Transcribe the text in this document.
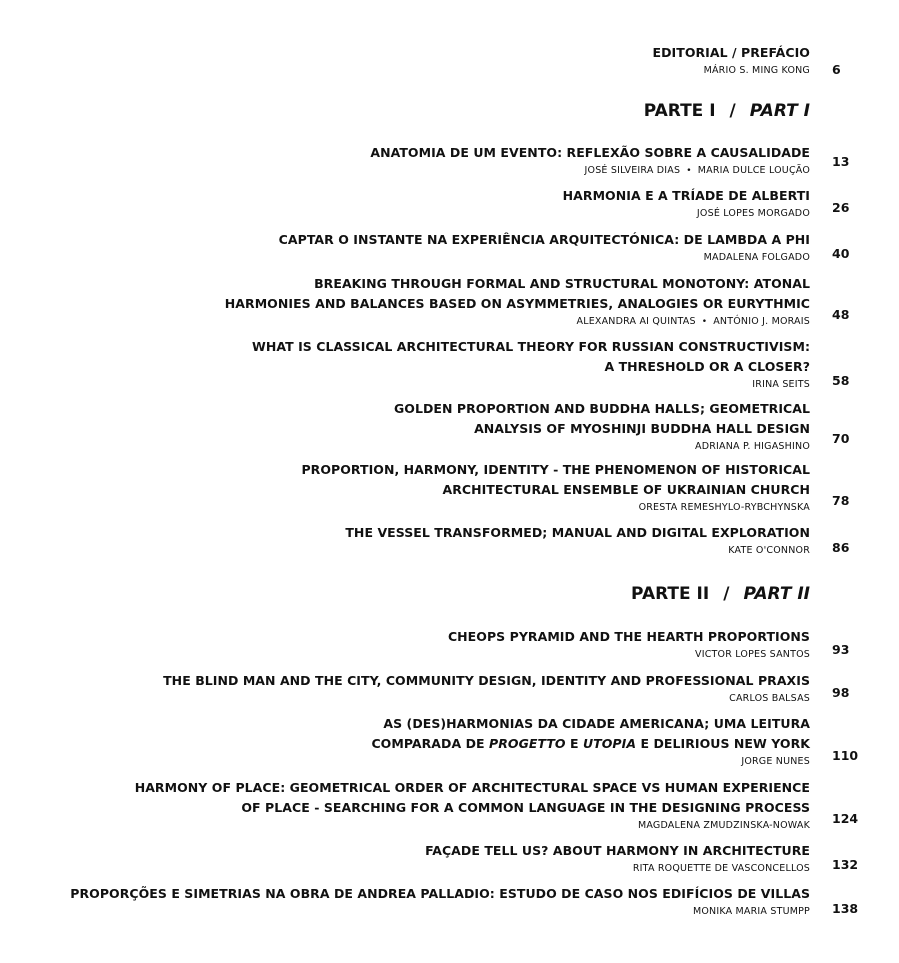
EDITORIAL / PREFÁCIO
MÁRIO S. MING KONG 6
PARTE I / PART I
ANATOMIA DE UM EVENTO: REFLEXÃO SOBRE A CAUSALIDADE
JOSÉ SILVEIRA DIAS • MARIA DULCE LOUÇÃO
13
HARMONIA E A TRÍADE DE ALBERTI
JOSÉ LOPES MORGADO 26
CAPTAR O INSTANTE NA EXPERIÊNCIA ARQUITECTÓNICA: DE LAMBDA A PHI
MADALENA FOLGADO 40
BREAKING THROUGH FORMAL AND STRUCTURAL MONOTONY: ATONAL
HARMONIES AND BALANCES BASED ON ASYMMETRIES, ANALOGIES OR EURYTHMIC
ALEXANDRA AI QUINTAS • ANTÓNIO J. MORAIS 48
WHAT IS CLASSICAL ARCHITECTURAL THEORY FOR RUSSIAN CONSTRUCTIVISM:
A THRESHOLD OR A CLOSER?
IRINA SEITS 58
GOLDEN PROPORTION AND BUDDHA HALLS; GEOMETRICAL
ANALYSIS OF MYOSHINJI BUDDHA HALL DESIGN
ADRIANA P. HIGASHINO
70
PROPORTION, HARMONY, IDENTITY - THE PHENOMENON OF HISTORICAL
ARCHITECTURAL ENSEMBLE OF UKRAINIAN CHURCH
ORESTA REMESHYLO-RYBCHYNSKA 78
THE VESSEL TRANSFORMED; MANUAL AND DIGITAL EXPLORATION
KATE O'CONNOR 86
PARTE II / PART II
CHEOPS PYRAMID AND THE HEARTH PROPORTIONS
VICTOR LOPES SANTOS 93
THE BLIND MAN AND THE CITY, COMMUNITY DESIGN, IDENTITY AND PROFESSIONAL PRAXIS
CARLOS BALSAS 98
AS (DES)HARMONIAS DA CIDADE AMERICANA; UMA LEITURA
COMPARADA DE PROGETTO E UTOPIA E DELIRIOUS NEW YORK
JORGE NUNES 110
HARMONY OF PLACE: GEOMETRICAL ORDER OF ARCHITECTURAL SPACE VS HUMAN EXPERIENCE
OF PLACE - SEARCHING FOR A COMMON LANGUAGE IN THE DESIGNING PROCESS
MAGDALENA ZMUDZINSKA-NOWAK 124
FAÇADE TELL US? ABOUT HARMONY IN ARCHITECTURE
RITA ROQUETTE DE VASCONCELLOS 132
PROPORÇÕES E SIMETRIAS NA OBRA DE ANDREA PALLADIO: ESTUDO DE CASO NOS EDIFÍCIOS DE VILLAS
MONIKA MARIA STUMPP 138
